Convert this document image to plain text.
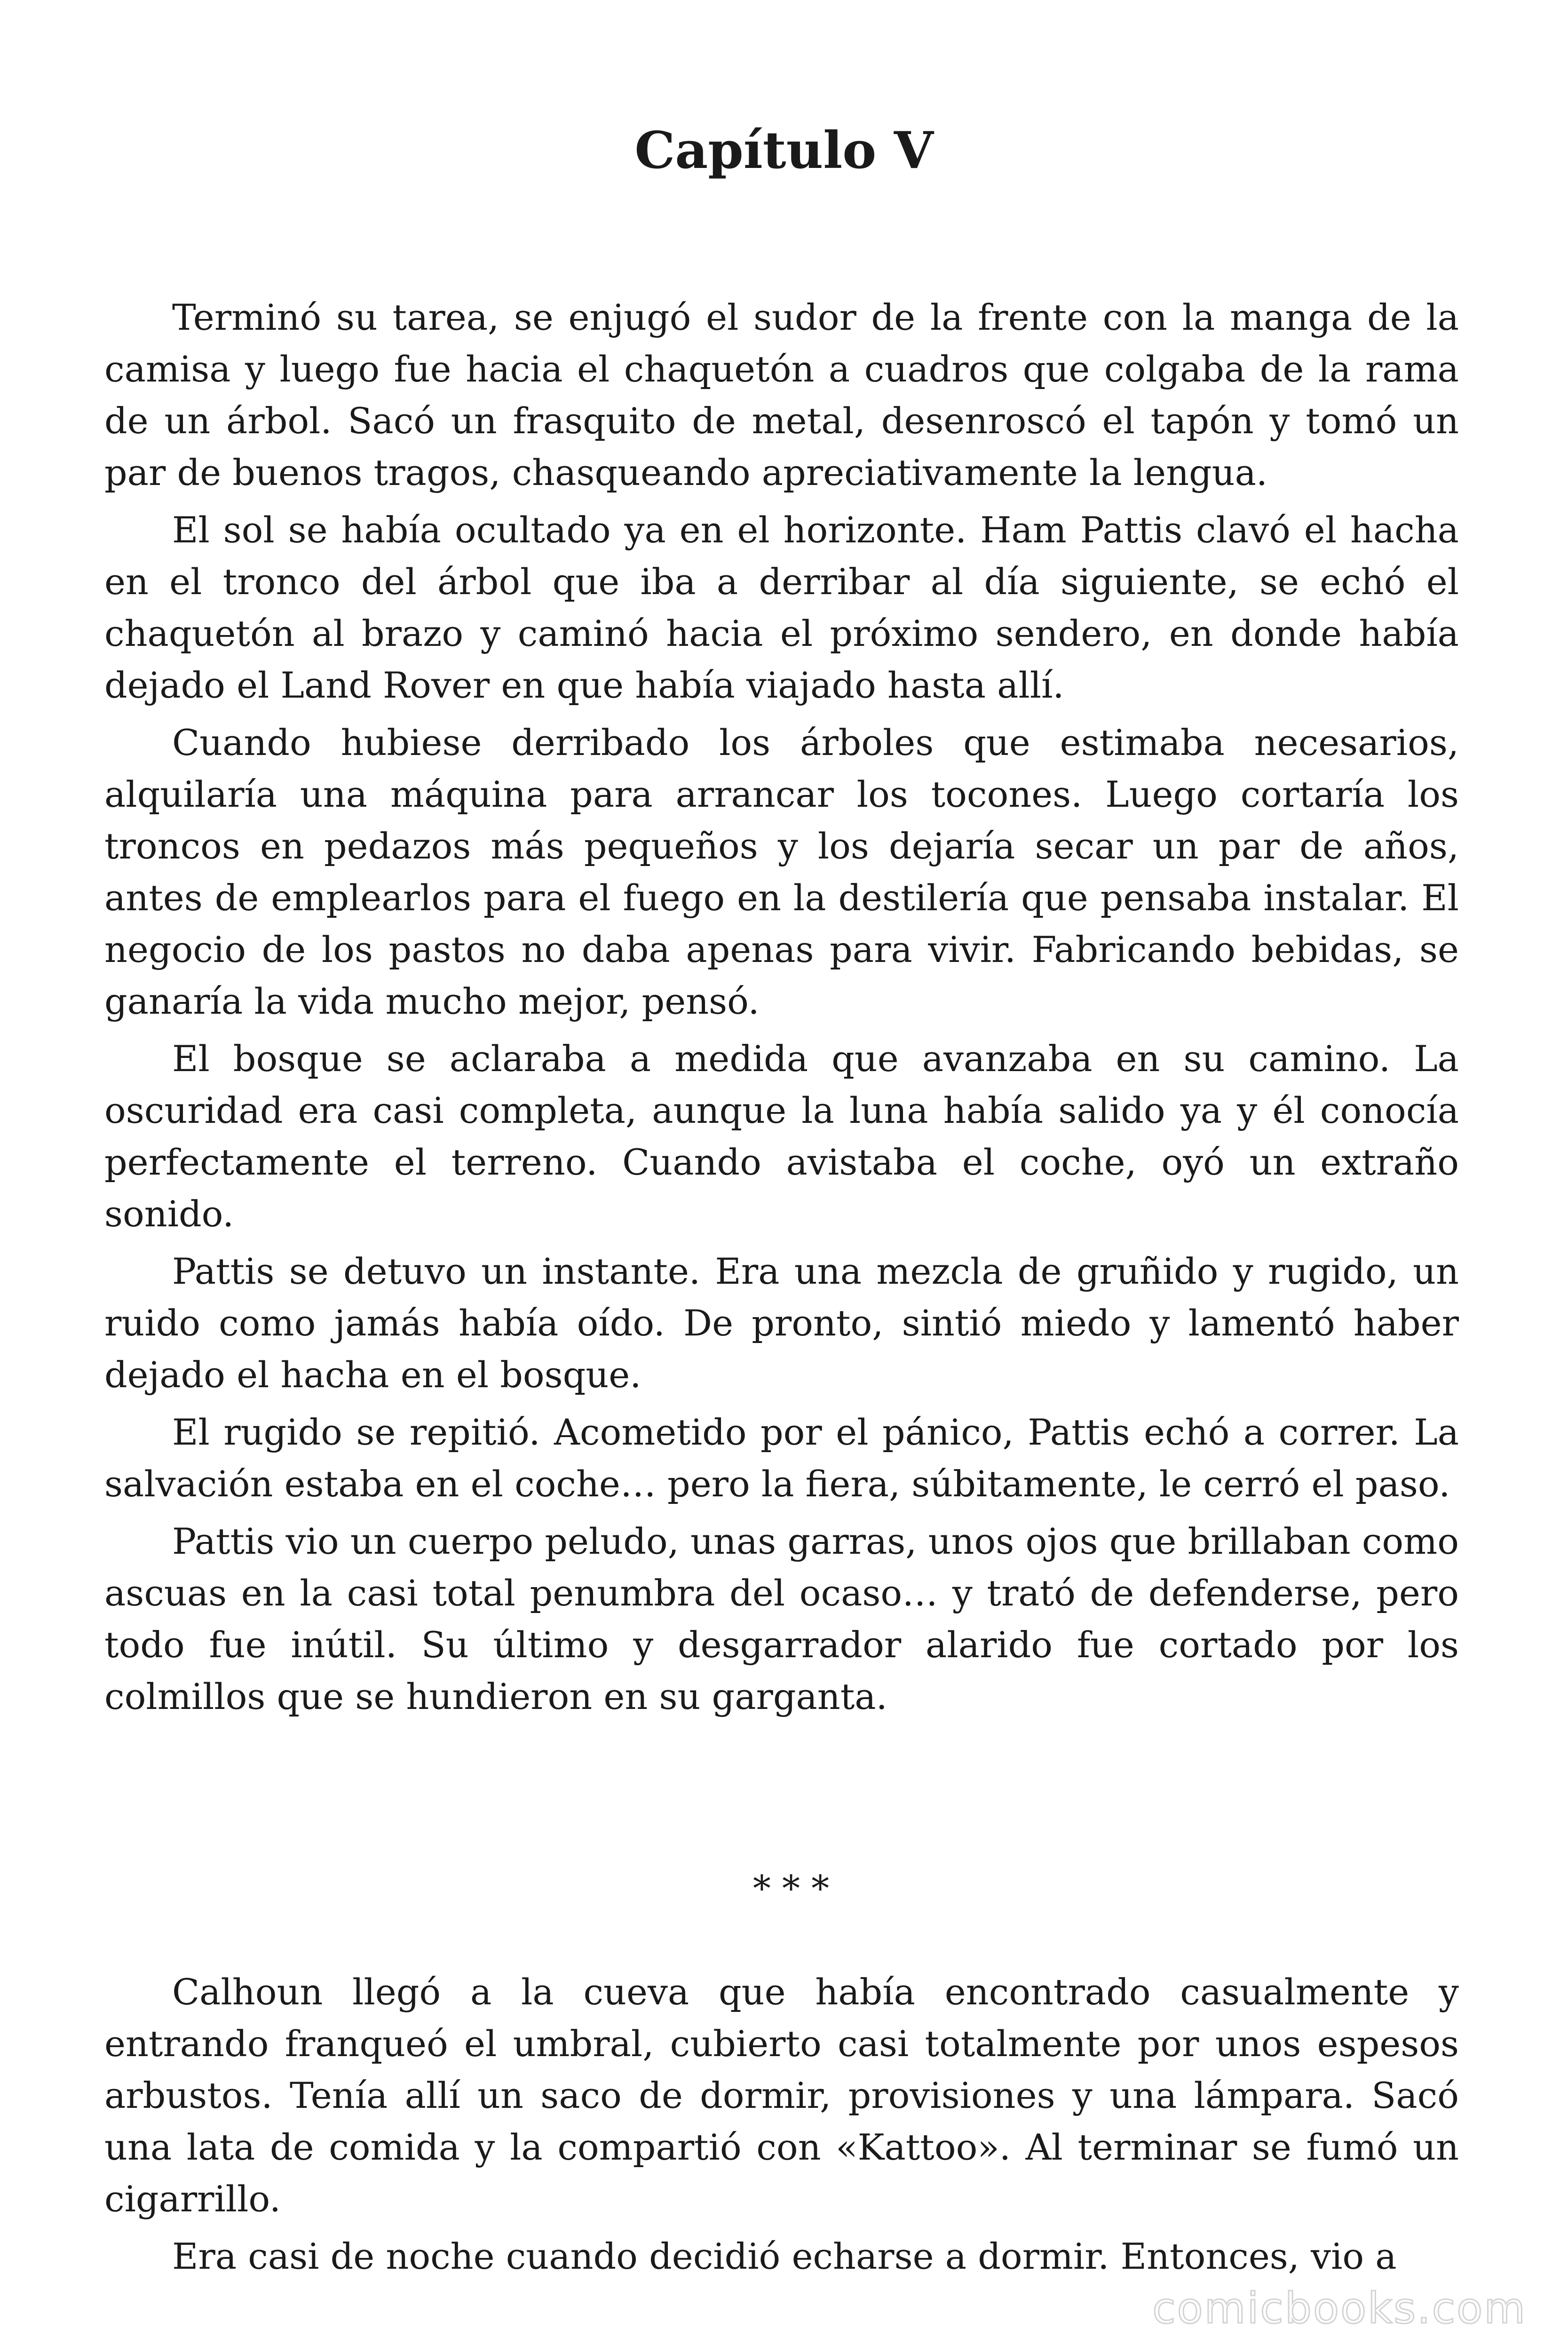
Capítulo V

Terminó su tarea, se enjugó el sudor de la frente con la manga de la camisa y luego fue hacia el chaquetón a cuadros que colgaba de la rama de un árbol. Sacó un frasquito de metal, desenroscó el tapón y tomó un par de buenos tragos, chasqueando apreciativamente la lengua.

El sol se había ocultado ya en el horizonte. Ham Pattis clavó el hacha en el tronco del árbol que iba a derribar al día siguiente, se echó el chaquetón al brazo y caminó hacia el próximo sendero, en donde había dejado el Land Rover en que había viajado hasta allí.

Cuando hubiese derribado los árboles que estimaba necesarios, alquilaría una máquina para arrancar los tocones. Luego cortaría los troncos en pedazos más pequeños y los dejaría secar un par de años, antes de emplearlos para el fuego en la destilería que pensaba instalar. El negocio de los pastos no daba apenas para vivir. Fabricando bebidas, se ganaría la vida mucho mejor, pensó.

El bosque se aclaraba a medida que avanzaba en su camino. La oscuridad era casi completa, aunque la luna había salido ya y él conocía perfectamente el terreno. Cuando avistaba el coche, oyó un extraño sonido.

Pattis se detuvo un instante. Era una mezcla de gruñido y rugido, un ruido como jamás había oído. De pronto, sintió miedo y lamentó haber dejado el hacha en el bosque.

El rugido se repitió. Acometido por el pánico, Pattis echó a correr. La salvación estaba en el coche… pero la fiera, súbitamente, le cerró el paso.

Pattis vio un cuerpo peludo, unas garras, unos ojos que brillaban como ascuas en la casi total penumbra del ocaso… y trató de defenderse, pero todo fue inútil. Su último y desgarrador alarido fue cortado por los colmillos que se hundieron en su garganta.

* * *

Calhoun llegó a la cueva que había encontrado casualmente y entrando franqueó el umbral, cubierto casi totalmente por unos espesos arbustos. Tenía allí un saco de dormir, provisiones y una lámpara. Sacó una lata de comida y la compartió con «Kattoo». Al terminar se fumó un cigarrillo.

Era casi de noche cuando decidió echarse a dormir. Entonces, vio a

comicbooks.com
